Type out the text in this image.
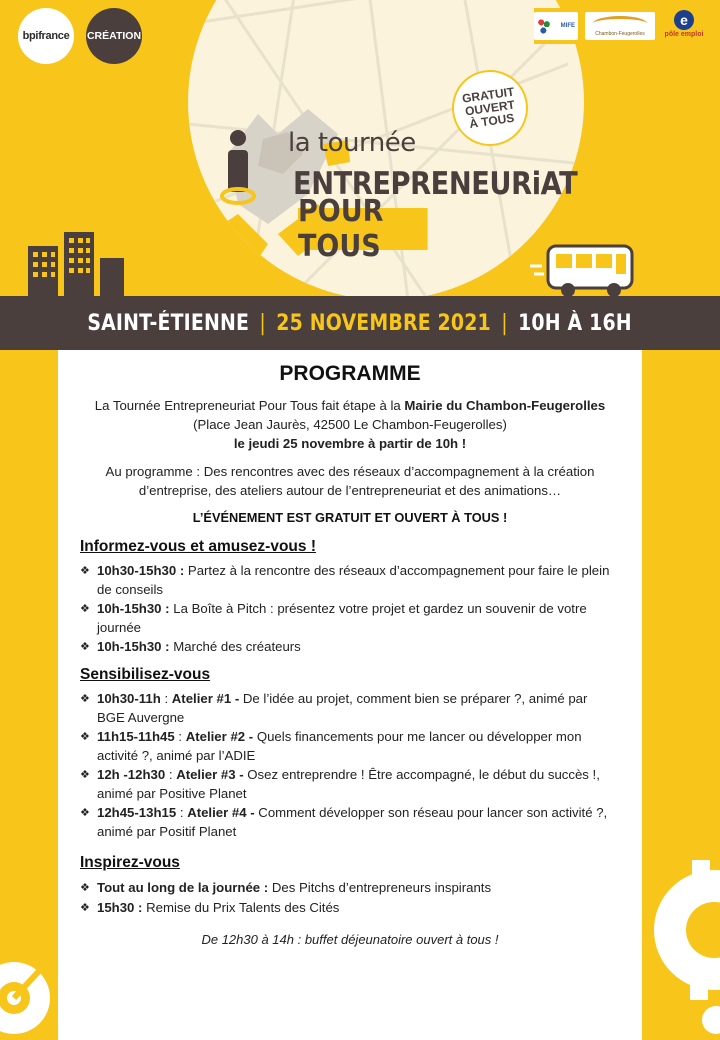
bpifrance	CRÉATION
MIFE
Chambon-Feugerolles
e
pôle emploi
GRATUIT
OUVERT
À TOUS
la tournée
ENTREPRENEURiAT
POUR TOUS
SAINT-ÉTIENNE | 25 NOVEMBRE 2021 | 10H À 16H
PROGRAMME
La Tournée Entrepreneuriat Pour Tous fait étape à la Mairie du Chambon-Feugerolles (Place Jean Jaurès, 42500 Le Chambon-Feugerolles)
le jeudi 25 novembre à partir de 10h !
Au programme : Des rencontres avec des réseaux d’accompagnement à la création d’entreprise, des ateliers autour de l’entrepreneuriat et des animations…
L’ÉVÉNEMENT EST GRATUIT ET OUVERT À TOUS !
Informez-vous et amusez-vous !
❖ 10h30-15h30 : Partez à la rencontre des réseaux d’accompagnement pour faire le plein de conseils
❖ 10h-15h30 : La Boîte à Pitch : présentez votre projet et gardez un souvenir de votre journée
❖ 10h-15h30 : Marché des créateurs
Sensibilisez-vous
❖ 10h30-11h : Atelier #1 - De l’idée au projet, comment bien se préparer ?, animé par BGE Auvergne
❖ 11h15-11h45 : Atelier #2 - Quels financements pour me lancer ou développer mon activité ?, animé par l’ADIE
❖ 12h -12h30 : Atelier #3 - Osez entreprendre ! Être accompagné, le début du succès !, animé par Positive Planet
❖ 12h45-13h15 : Atelier #4 - Comment développer son réseau pour lancer son activité ?, animé par Positif Planet
Inspirez-vous
❖ Tout au long de la journée : Des Pitchs d’entrepreneurs inspirants
❖ 15h30 : Remise du Prix Talents des Cités
De 12h30 à 14h : buffet déjeunatoire ouvert à tous !
